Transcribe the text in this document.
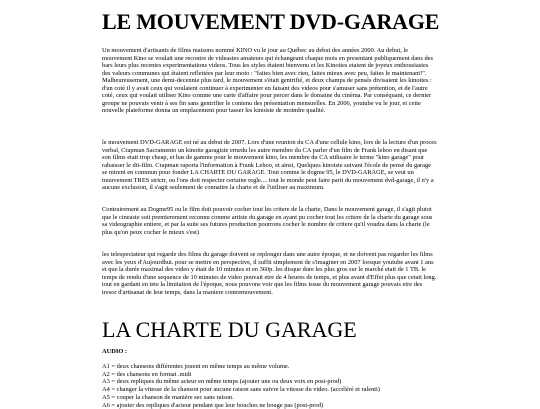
LE MOUVEMENT DVD-GARAGE

Un mouvement d'artisants de films maisons nommé KINO vu le jour au Québec au debut des années 2000. Au debut, le mouvement Kino se voulait une recontre de videastes amateurs qui échangeant chaque mois en presentant publiquement dans des bars leurs plus recentes experimentations videos. Tous les styles étaient bienvenu et les Kinoites etaient de joyeux enthousiastes des valeurs communes qui étaient reflettées par leur moto : "faites bien avec rien, faites mieux avec peu, faites le maintenant!". Malheureusement, une demi-decennie plus tard, le mouvement s'était gentrifié, et deux champs de pensés divisaient les kinoites : d'un coté il y avait ceux qui voulaient continuer à experimenter en faisant des videos pour s'amuser sans prétention, et de l'autre coté, ceux qui voulait utiliser Kino comme une carte d'affaire pour percer dans le domaine du cinéma. Par conséquant, ce dernier groupe ne pouvais venir à ses fin sans gentrifier le contenu des présentation mensuelles. En 2006, youtube vu le jour, et cette nouvelle plateforme donna un emplacement pour tasser les kinoiste de moindre qualité.

le mouvement DVD-GARAGE est né au debut de 2007. Lors d'une reunion du CA d'une cellule kino, lors de la lecture d'un proces verbal, Crapman Sacramento un kinoite garagiste ernedu les autre membre du CA parler d'un film de Frank lehoo en disant que son films etait trop cheap, et bas de gamme pour le mouvement kino, les membre du CA utilisaire le terme "kino garage" pour rabaisser le dit-film. Crapman raporta l'information à Frank Lehoo, et ainsi, Quelques kinoiste suivant l'école de pensé du garage se mirent en commun pour fonder LA CHARTE DU GARAGE. Tout comme le dogme 95, le DVD-GARAGE, se veut un mouvement TRES strictr, ou l'ons doit respecter certaine regle.... tout le monde peut faire parti du mouvement dvd-garage, il n'y a aucune exclusion, il s'agit seulement de connaitre la charte et de l'utiliser au maximum.

Contrairement au Dogme95 ou le film doit pouvoir cocher tout les critere de la charte, Dans le mouvement garage, il s'agit plutot que le cineaste soit premierement reconnu comme artiste du garage en ayant pu cocher tout les critere de la charte du garage sous sa videographie entiere, et par la suite ses futures production pourrons cocher le nombre de critere qu'il voudra dans la charte (le plus qu'on peux cocher le mieux s'est)

les telespectateur qui regarde des films du garage doivent se replonger dans une autre époque, et ne doivent pas regarder les films avec les yeux d'Aujourdhui. pour se mettre en perspective, il suffit simplement de s'imaginer en 2007 lorsque youtube avant 1 ans et que la durée maximal des video y était de 10 minutes et en 360p. les disque dure les plus gros sur le marché etait de 1 TB. le temps de rendu d'une sequence de 10 minutes de video pouvait etre de 4 heures de temps, et plus avant d'Effet plus que cetait long. tout en gardant en tete la limitation de l'époque, nous pouvons voir que les films issue du mouvement garage pouvais etre des tresor d'artisanat de leur temps, dans la maniere contremouvement.

LA CHARTE DU GARAGE
AUDIO :
A1 = deux chansons différentes jouent en même temps au même volume.
A2 = des chansons en format .midi
A3 = deux repliques du même acteur en même temps (ajouter une ou deux voix en post-prod)
A4 = changer la vitesse de la chanson pour aucune raison sans suivre la vitesse du video. (accéléré et ralenti)
A5 = couper la chanson de manière sec sans raison.
A6 = ajouter des repliques d'acteur pendant que leur bouches ne bouge pas (post-prod)
